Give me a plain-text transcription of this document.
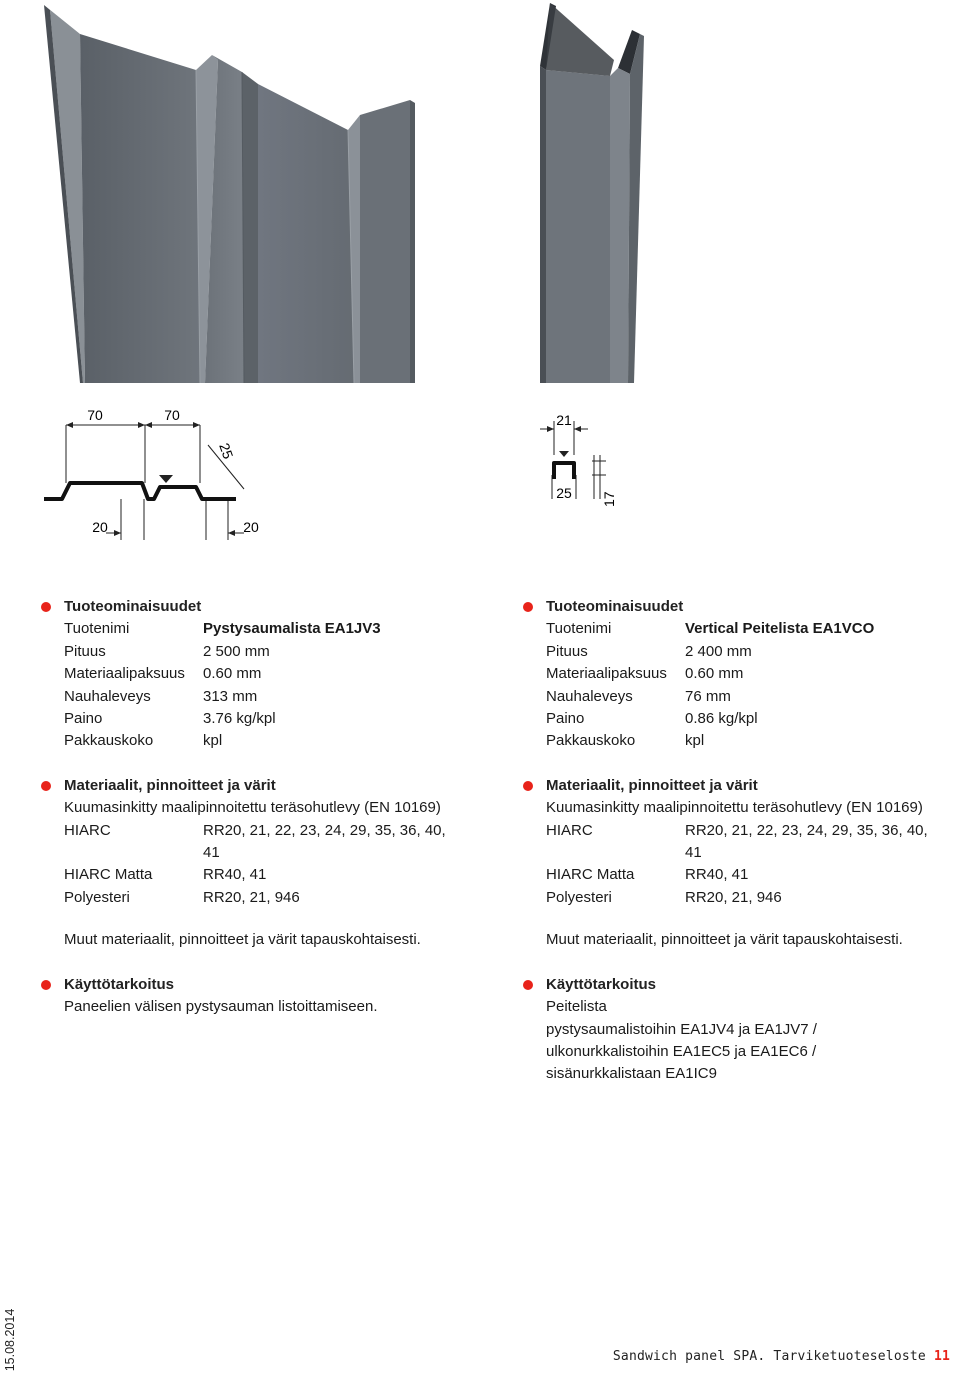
70	70
25
20	20
21
25 17
Tuoteominaisuudet
Tuotenimi	Pystysaumalista EA1JV3
Pituus	2 500 mm
Materiaalipaksuus	0.60 mm
Nauhaleveys	313 mm
Paino	3.76 kg/kpl
Pakkauskoko	kpl
Materiaalit, pinnoitteet ja värit
Kuumasinkitty maalipinnoitettu teräsohutlevy (EN 10169)
HIARC	RR20, 21, 22, 23, 24, 29, 35, 36, 40, 41
HIARC Matta	RR40, 41
Polyesteri	RR20, 21, 946
Muut materiaalit, pinnoitteet ja värit tapauskohtaisesti.
Käyttötarkoitus
Paneelien välisen pystysauman listoittamiseen.
Tuoteominaisuudet
Tuotenimi	Vertical Peitelista EA1VCO
Pituus	2 400 mm
Materiaalipaksuus	0.60 mm
Nauhaleveys	76 mm
Paino	0.86 kg/kpl
Pakkauskoko	kpl
Materiaalit, pinnoitteet ja värit
Kuumasinkitty maalipinnoitettu teräsohutlevy (EN 10169)
HIARC	RR20, 21, 22, 23, 24, 29, 35, 36, 40, 41
HIARC Matta	RR40, 41
Polyesteri	RR20, 21, 946
Muut materiaalit, pinnoitteet ja värit tapauskohtaisesti.
Käyttötarkoitus
Peitelista
pystysaumalistoihin EA1JV4 ja EA1JV7 /
ulkonurkkalistoihin EA1EC5 ja EA1EC6 /
sisänurkkalistaan EA1IC9
15.08.2014	Sandwich panel SPA. Tarviketuoteseloste 11
